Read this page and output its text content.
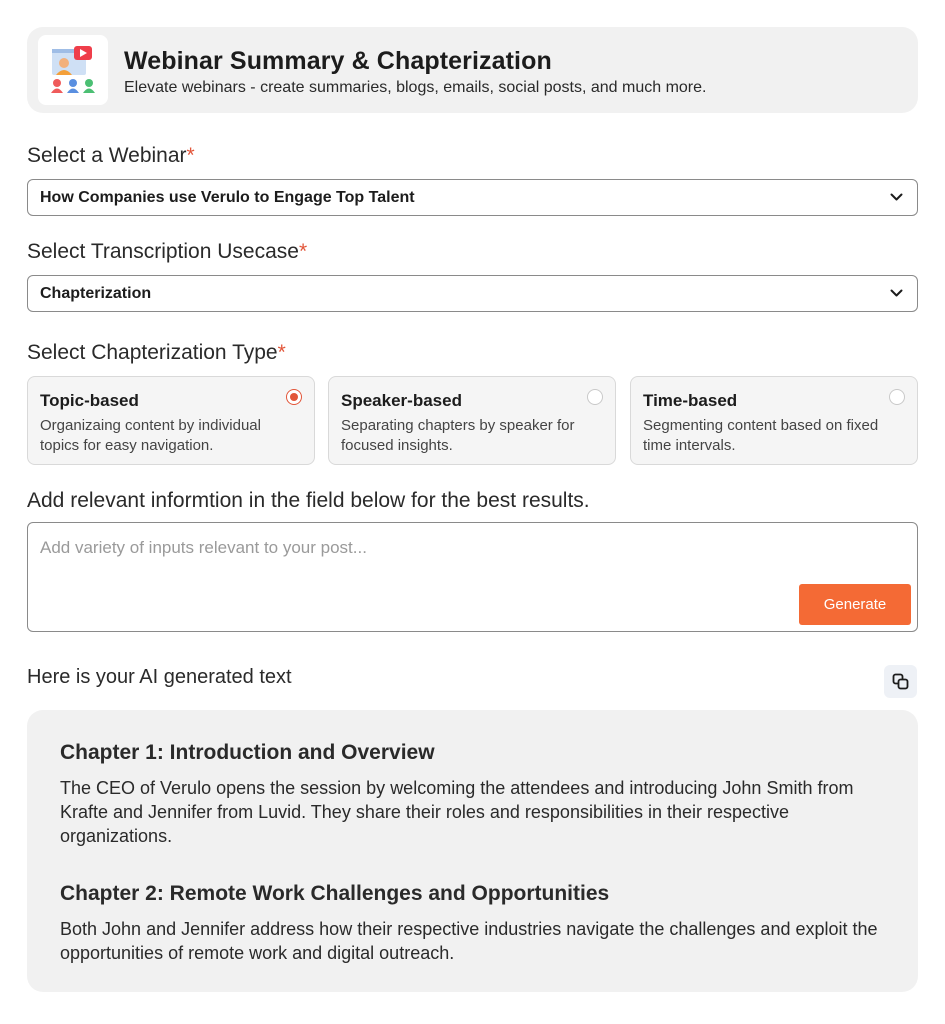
Webinar Summary & Chapterization
Elevate webinars - create summaries, blogs, emails, social posts, and much more.
Select a Webinar*
How Companies use Verulo to Engage Top Talent
Select Transcription Usecase*
Chapterization
Select Chapterization Type*
Topic-based
Organizaing content by individual topics for easy navigation.
Speaker-based
Separating chapters by speaker for focused insights.
Time-based
Segmenting content based on fixed time intervals.
Add relevant informtion in the field below for the best results.
Add variety of inputs relevant to your post...
Generate
Here is your AI generated text
Chapter 1: Introduction and Overview
The CEO of Verulo opens the session by welcoming the attendees and introducing John Smith from Krafte and Jennifer from Luvid. They share their roles and responsibilities in their respective organizations.
Chapter 2: Remote Work Challenges and Opportunities
Both John and Jennifer address how their respective industries navigate the challenges and exploit the opportunities of remote work and digital outreach.
